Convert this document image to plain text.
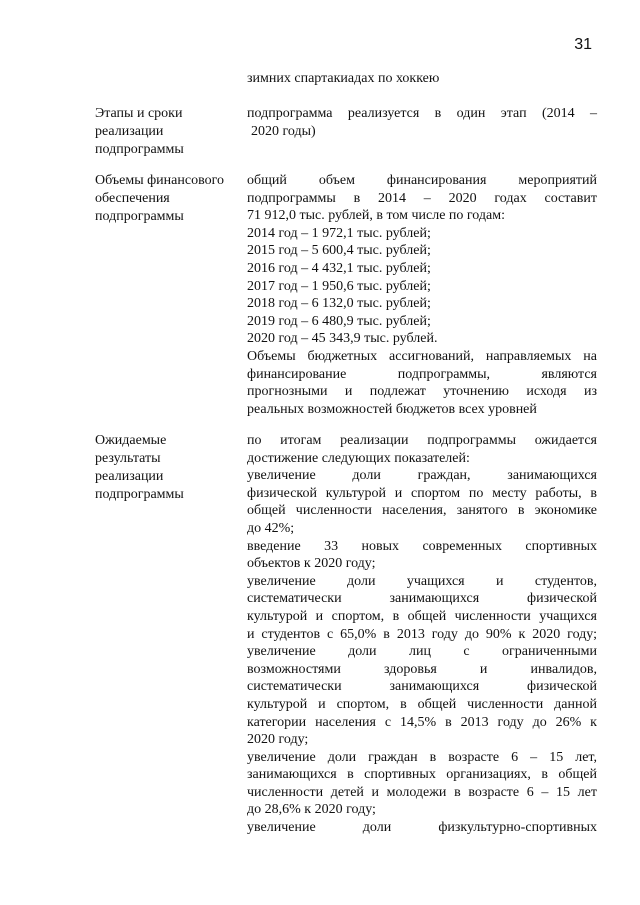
31
зимних спартакиадах по хоккею
Этапы и сроки
реализации
подпрограммы
подпрограмма реализуется в один этап (2014 –
2020 годы)
Объемы финансового
обеспечения
подпрограммы
общий объем финансирования мероприятий
подпрограммы в 2014 – 2020 годах составит
71 912,0 тыс. рублей, в том числе по годам:
2014 год – 1 972,1 тыс. рублей;
2015 год – 5 600,4 тыс. рублей;
2016 год – 4 432,1 тыс. рублей;
2017 год – 1 950,6 тыс. рублей;
2018 год – 6 132,0 тыс. рублей;
2019 год – 6 480,9 тыс. рублей;
2020 год – 45 343,9 тыс. рублей.
Объемы бюджетных ассигнований, направляемых на
финансирование подпрограммы, являются
прогнозными и подлежат уточнению исходя из
реальных возможностей бюджетов всех уровней
Ожидаемые
результаты
реализации
подпрограммы
по итогам реализации подпрограммы ожидается
достижение следующих показателей:
увеличение доли граждан, занимающихся
физической культурой и спортом по месту работы, в
общей численности населения, занятого в экономике
до 42%;
введение 33 новых современных спортивных
объектов к 2020 году;
увеличение доли учащихся и студентов,
систематически занимающихся физической
культурой и спортом, в общей численности учащихся
и студентов с 65,0% в 2013 году до 90% к 2020 году;
увеличение доли лиц с ограниченными
возможностями здоровья и инвалидов,
систематически занимающихся физической
культурой и спортом, в общей численности данной
категории населения с 14,5% в 2013 году до 26% к
2020 году;
увеличение доли граждан в возрасте 6 – 15 лет,
занимающихся в спортивных организациях, в общей
численности детей и молодежи в возрасте 6 – 15 лет
до 28,6% к 2020 году;
увеличение доли физкультурно-спортивных
